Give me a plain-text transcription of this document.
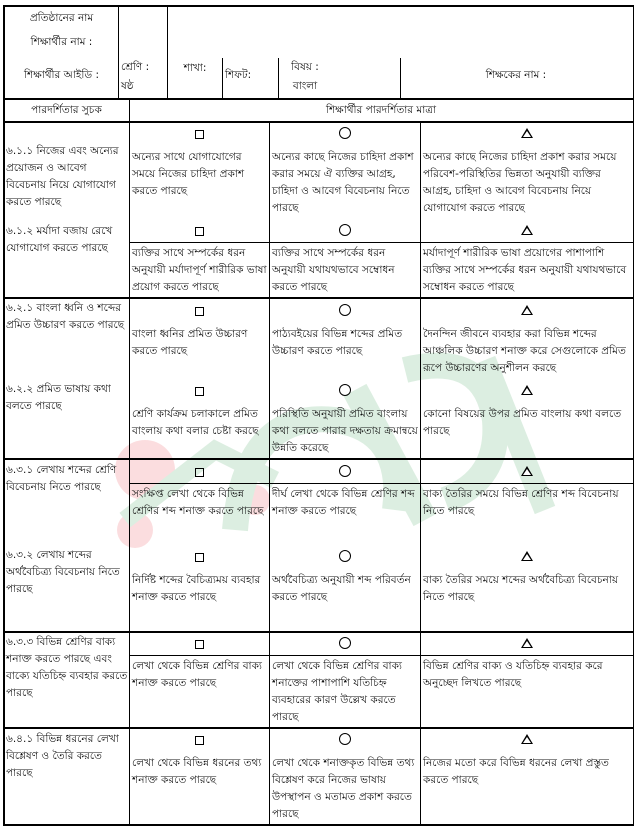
প্রতিষ্ঠানের নাম
শিক্ষার্থীর নাম :
শিক্ষার্থীর আইডি :
শ্রেণি :
ষষ্ঠ
শাখা:
শিফট:
বিষয় :
বাংলা
শিক্ষকের নাম :
পারদর্শিতার সুচক	শিক্ষার্থীর পারদর্শিতার মাত্রা
৬.১.১ নিজের এবং অন্যের প্রয়োজন ও আবেগ বিবেচনায় নিয়ে যোগাযোগ করতে পারছে
অন্যের সাথে যোগাযোগের সময়ে নিজের চাহিদা প্রকাশ করতে পারছে
অন্যের কাছে নিজের চাহিদা প্রকাশ করার সময়ে ঐ ব্যক্তির আগ্রহ, চাহিদা ও আবেগ বিবেচনায় নিতে পারছে
অন্যের কাছে নিজের চাহিদা প্রকাশ করার সময়ে পরিবেশ-পরিস্থিতির ভিন্নতা অনুযায়ী ব্যক্তির আগ্রহ, চাহিদা ও আবেগ বিবেচনায় নিয়ে যোগাযোগ করতে পারছে
৬.১.২ মর্যাদা বজায় রেখে যোগাযোগ করতে পারছে	ব্যক্তির সাথে সম্পর্কের ধরন অনুযায়ী মর্যাদাপূর্ণ শারীরিক ভাষা প্রয়োগ করতে পারছে
ব্যক্তির সাথে সম্পর্কের ধরন অনুযায়ী যথাযথভাবে সম্বোধন করতে পারছে
মর্যাদাপূর্ণ শারীরিক ভাষা প্রয়োগের পাশাপাশি ব্যক্তির সাথে সম্পর্কের ধরন অনুযায়ী যথাযথভাবে সম্বোধন করতে পারছে
৬.২.১ বাংলা ধ্বনি ও শব্দের প্রমিত উচ্চারণ করতে পারছে
বাংলা ধ্বনির প্রমিত উচ্চারণ করতে পারছে
পাঠ্যবইয়ের বিভিন্ন শব্দের প্রমিত উচ্চারণ করতে পারছে
দৈনন্দিন জীবনে ব্যবহার করা বিভিন্ন শব্দের আঞ্চলিক উচ্চারণ শনাক্ত করে সেগুলোকে প্রমিত রূপে উচ্চারণের অনুশীলন করছে
৬.২.২ প্রমিত ভাষায় কথা বলতে পারছে
শ্রেণি কার্যক্রম চলাকালে প্রমিত বাংলায় কথা বলার চেষ্টা করছে
পরিস্থিতি অনুযায়ী প্রমিত বাংলায় কথা বলতে পারার দক্ষতায় ক্রমান্বয়ে উন্নতি করেছে
কোনো বিষয়ের উপর প্রমিত বাংলায় কথা বলতে পারছে
৬.৩.১ লেখায় শব্দের শ্রেণি বিবেচনায় নিতে পারছে
সংক্ষিপ্ত লেখা থেকে বিভিন্ন শ্রেণির শব্দ শনাক্ত করতে পারছে
দীর্ঘ লেখা থেকে বিভিন্ন শ্রেণির শব্দ শনাক্ত করতে পারছে
বাক্য তৈরির সময়ে বিভিন্ন শ্রেণির শব্দ বিবেচনায় নিতে পারছে
৬.৩.২ লেখায় শব্দের অর্থবৈচিত্র্য বিবেচনায় নিতে পারছে
নির্দিষ্ট শব্দের বৈচিত্র্যময় ব্যবহার শনাক্ত করতে পারছে
অর্থবৈচিত্র্য অনুযায়ী শব্দ পরিবর্তন করতে পারছে
বাক্য তৈরির সময়ে শব্দের অর্থবৈচিত্র্য বিবেচনায় নিতে পারছে
৬.৩.৩ বিভিন্ন শ্রেণির বাক্য শনাক্ত করতে পারছে এবং বাক্যে যতিচিহ্ন ব্যবহার করতে পারছে
লেখা থেকে বিভিন্ন শ্রেণির বাক্য শনাক্ত করতে পারছে
লেখা থেকে বিভিন্ন শ্রেণির বাক্য শনাক্তের পাশাপাশি যতিচিহ্ন ব্যবহারের কারণ উল্লেখ করতে পারছে
বিভিন্ন শ্রেণির বাক্য ও যতিচিহ্ন ব্যবহার করে অনুচ্ছেদ লিখতে পারছে
৬.৪.১ বিভিন্ন ধরনের লেখা বিশ্লেষণ ও তৈরি করতে পারছে
লেখা থেকে বিভিন্ন ধরনের তথ্য শনাক্ত করতে পারছে
লেখা থেকে শনাক্তকৃত বিভিন্ন তথ্য বিশ্লেষণ করে নিজের ভাষায় উপস্থাপন ও মতামত প্রকাশ করতে পারছে
নিজের মতো করে বিভিন্ন ধরনের লেখা প্রস্তুত করতে পারছে
